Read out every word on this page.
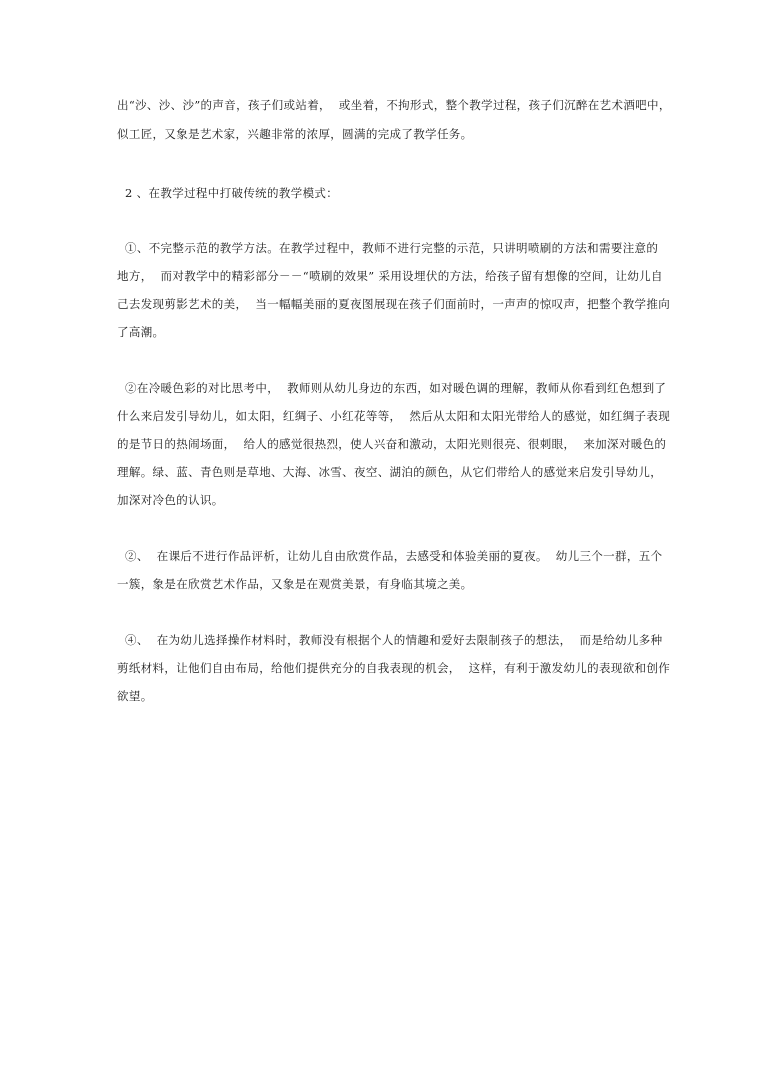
出“沙、沙、沙”的声音，孩子们或站着，  或坐着，不拘形式，整个教学过程，孩子们沉醉在艺术酒吧中，
似工匠，又象是艺术家，兴趣非常的浓厚，圆满的完成了教学任务。
2 、在教学过程中打破传统的教学模式：
①、不完整示范的教学方法。在教学过程中，教师不进行完整的示范，只讲明喷刷的方法和需要注意的
地方，  而对教学中的精彩部分－－“喷刷的效果” 采用设埋伏的方法，给孩子留有想像的空间，让幼儿自
己去发现剪影艺术的美，  当一幅幅美丽的夏夜图展现在孩子们面前时，一声声的惊叹声，把整个教学推向
了高潮。
②在冷暖色彩的对比思考中，  教师则从幼儿身边的东西，如对暖色调的理解，教师从你看到红色想到了
什么来启发引导幼儿，如太阳，红绸子、小红花等等，  然后从太阳和太阳光带给人的感觉，如红绸子表现
的是节日的热闹场面，  给人的感觉很热烈，使人兴奋和激动，太阳光则很亮、很刺眼，  来加深对暖色的
理解。绿、蓝、青色则是草地、大海、冰雪、夜空、湖泊的颜色，从它们带给人的感觉来启发引导幼儿，
加深对冷色的认识。
②、  在课后不进行作品评析，让幼儿自由欣赏作品，去感受和体验美丽的夏夜。  幼儿三个一群，五个
一簇，象是在欣赏艺术作品，又象是在观赏美景，有身临其境之美。
④、  在为幼儿选择操作材料时，教师没有根据个人的情趣和爱好去限制孩子的想法，  而是给幼儿多种
剪纸材料，让他们自由布局，给他们提供充分的自我表现的机会，  这样，有利于激发幼儿的表现欲和创作
欲望。
